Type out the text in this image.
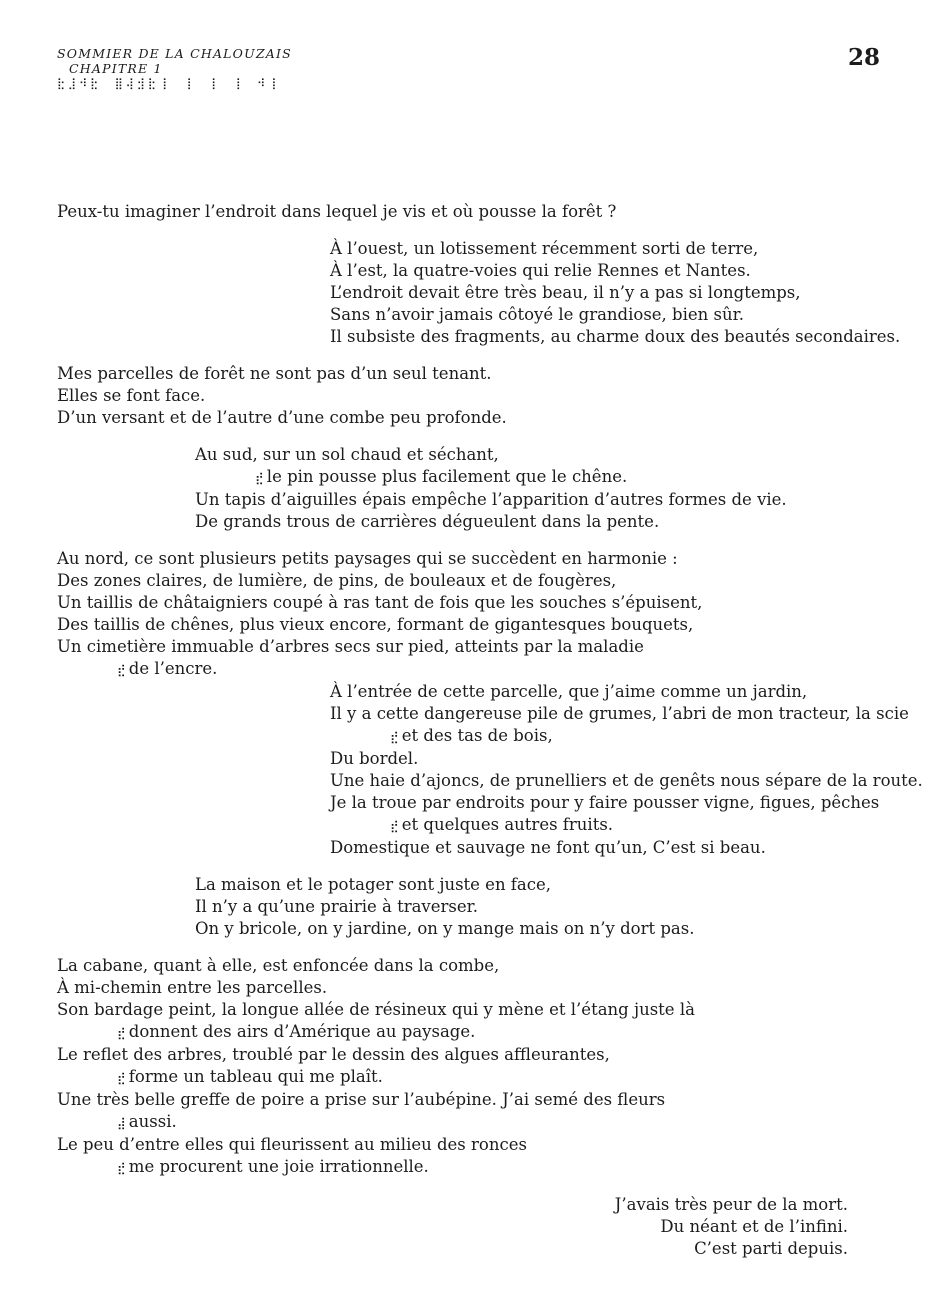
SOMMIER DE LA CHALOUZAIS
CHAPITRE 1
⣗⣸⠺⣗ ⣿⢼⣺⣗⢸ ⢸ ⢸ ⢸ ⠺⢸
28
Peux-tu imaginer l’endroit dans lequel je vis et où pousse la forêt ?
À l’ouest, un lotissement récemment sorti de terre,
À l’est, la quatre-voies qui relie Rennes et Nantes.
L’endroit devait être très beau, il n’y a pas si longtemps,
Sans n’avoir jamais côtoyé le grandiose, bien sûr.
Il subsiste des fragments, au charme doux des beautés secondaires.
Mes parcelles de forêt ne sont pas d’un seul tenant.
Elles se font face.
D’un versant et de l’autre d’une combe peu profonde.
Au sud, sur un sol chaud et séchant,
⣞ le pin pousse plus facilement que le chêne.
Un tapis d’aiguilles épais empêche l’apparition d’autres formes de vie.
De grands trous de carrières dégueulent dans la pente.
Au nord, ce sont plusieurs petits paysages qui se succèdent en harmonie :
Des zones claires, de lumière, de pins, de bouleaux et de fougères,
Un taillis de châtaigniers coupé à ras tant de fois que les souches s’épuisent,
Des taillis de chênes, plus vieux encore, formant de gigantesques bouquets,
Un cimetière immuable d’arbres secs sur pied, atteints par la maladie
⣞ de l’encre.
À l’entrée de cette parcelle, que j’aime comme un jardin,
Il y a cette dangereuse pile de grumes, l’abri de mon tracteur, la scie
⣞ et des tas de bois,
Du bordel.
Une haie d’ajoncs, de prunelliers et de genêts nous sépare de la route.
Je la troue par endroits pour y faire pousser vigne, figues, pêches
⣞ et quelques autres fruits.
Domestique et sauvage ne font qu’un, C’est si beau.
La maison et le potager sont juste en face,
Il n’y a qu’une prairie à traverser.
On y bricole, on y jardine, on y mange mais on n’y dort pas.
La cabane, quant à elle, est enfoncée dans la combe,
À mi-chemin entre les parcelles.
Son bardage peint, la longue allée de résineux qui y mène et l’étang juste là
⣞ donnent des airs d’Amérique au paysage.
Le reflet des arbres, troublé par le dessin des algues affleurantes,
⣞ forme un tableau qui me plaît.
Une très belle greffe de poire a prise sur l’aubépine. J’ai semé des fleurs
⣼ aussi.
Le peu d’entre elles qui fleurissent au milieu des ronces
⣞ me procurent une joie irrationnelle.
J’avais très peur de la mort.
Du néant et de l’infini.
C’est parti depuis.
